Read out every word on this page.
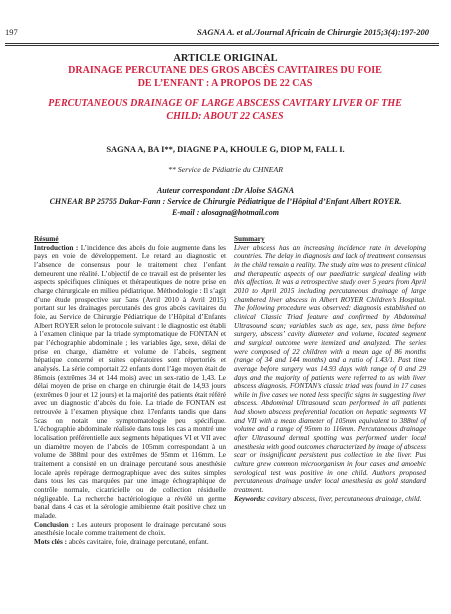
197	SAGNA A. et al./Journal Africain de Chirurgie 2015;3(4):197-200
ARTICLE ORIGINAL
DRAINAGE PERCUTANE DES GROS ABCÈS CAVITAIRES DU FOIE
DE L’ENFANT : A PROPOS DE 22 CAS
PERCUTANEOUS DRAINAGE OF LARGE ABSCESS CAVITARY LIVER OF THE
CHILD: ABOUT 22 CASES
SAGNA A, BA I**, DIAGNE P A, KHOULE G, DIOP M, FALL I.
** Service de Pédiatrie du CHNEAR
Auteur correspondant :Dr Aloïse SAGNA
CHNEAR BP 25755 Dakar-Fann : Service de Chirurgie Pédiatrique de l’Hôpital d’Enfant Albert ROYER.
E-mail : alosagna@hotmail.com
Résumé

Introduction : L’incidence des abcès du foie augmente dans les pays en voie de développement. Le retard au diagnostic et l’absence de consensus pour le traitement chez l’enfant demeurent une réalité. L’objectif de ce travail est de présenter les aspects spécifiques cliniques et thérapeutiques de notre prise en charge chirurgicale en milieu pédiatrique. Méthodologie : Il s’agit d’une étude prospective sur 5ans (Avril 2010 à Avril 2015) portant sur les drainages percutanés des gros abcès cavitaires du foie, au Service de Chirurgie Pédiatrique de l’Hôpital d’Enfants Albert ROYER selon le protocole suivant : le diagnostic est établi à l’examen clinique par la triade symptomatique de FONTAN et par l’échographie abdominale ; les variables âge, sexe, délai de prise en charge, diamètre et volume de l’abcès, segment hépatique concerné et suites opératoires sont répertoriés et analysés. La série comportait 22 enfants dont l’âge moyen était de 86mois (extrêmes 34 et 144 mois) avec un sex-ratio de 1,43. Le délai moyen de prise en charge en chirurgie était de 14,93 jours (extrêmes 0 jour et 12 jours) et la majorité des patients était référé avec un diagnostic d’abcès du foie. La triade de FONTAN est retrouvée à l’examen physique chez 17enfants tandis que dans 5cas on notait une symptomatologie peu spécifique. L’échographie abdominale réalisée dans tous les cas a montré une localisation préférentielle aux segments hépatiques VI et VII avec un diamètre moyen de l’abcès de 105mm correspondant à un volume de 388ml pour des extrêmes de 95mm et 116mm. Le traitement a consisté en un drainage percutané sous anesthésie locale après repérage dermographique avec des suites simples dans tous les cas marquées par une image échographique de contrôle normale, cicatricielle ou de collection résiduelle négligeable. La recherche bactériologique a révélé un germe banal dans 4 cas et la sérologie amibienne était positive chez un malade.

Conclusion : Les auteurs proposent le drainage percutané sous anesthésie locale comme traitement de choix.

Mots clés : abcès cavitaire, foie, drainage percutané, enfant.

Summary

Liver abscess has an increasing incidence rate in developing countries. The delay in diagnosis and lack of treatment consensus in the child remain a reality. The study aim was to present clinical and therapeutic aspects of our paediatric surgical dealing with this affection. It was a retrospective study over 5 years from April 2010 to April 2015 including percutaneous drainage of large chambered liver abscess in Albert ROYER Children’s Hospital. The following procedure was observed: diagnosis established on clinical Classic Triad feature and confirmed by Abdominal Ultrasound scan; variables such as age, sex, pass time before surgery, abscess’ cavity diameter and volume, located segment and surgical outcome were itemized and analyzed. The series were composed of 22 children with a mean age of 86 months (range of 34 and 144 months) and a ratio of 1.43/1. Past time average before surgery was 14.93 days with range of 0 and 29 days and the majority of patients were referred to us with liver abscess diagnosis. FONTAN’s classic triad was found in 17 cases while in five cases we noted less specific signs in suggesting liver abscess. Abdominal Ultrasound scan performed in all patients had shown abscess preferential location on hepatic segments VI and VII with a mean diameter of 105mm equivalent to 388ml of volume and a range of 95mm to 116mm. Percutaneous drainage after Ultrasound dermal spotting was performed under local anesthesia with good outcomes characterized by image of abscess scar or insignificant persistent pus collection in the liver. Pus culture grew common microorganism in four cases and amoebic serological test was positive in one child. Authors proposed percutaneous drainage under local anesthesia as gold standard treatment.

Keywords: cavitary abscess, liver, percutaneous drainage, child.
